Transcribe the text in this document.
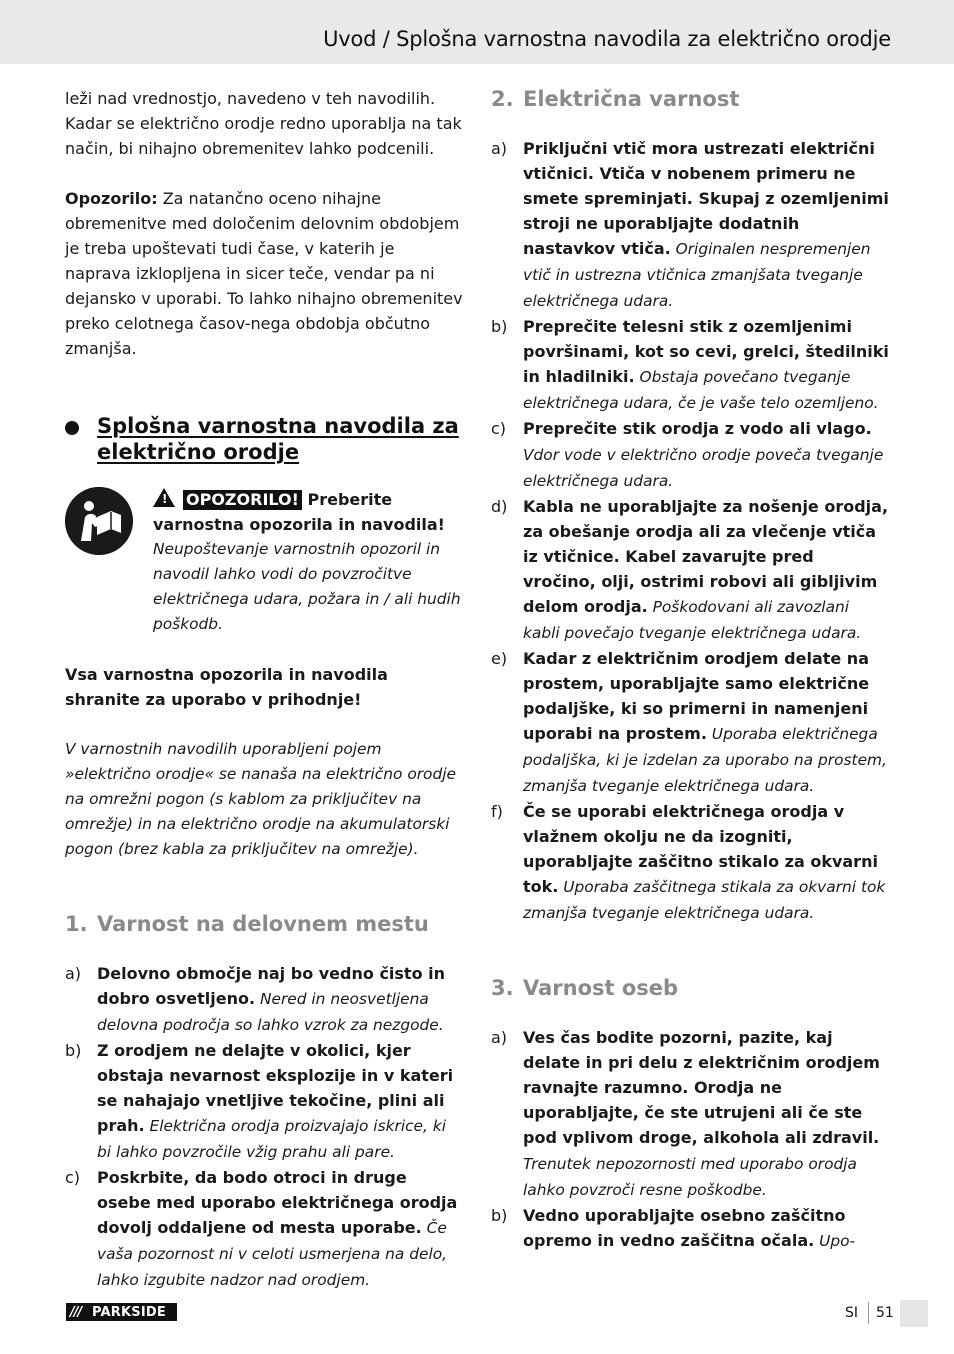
Uvod / Splošna varnostna navodila za električno orodje

leži nad vrednostjo, navedeno v teh navodilih. Kadar se električno orodje redno uporablja na tak način, bi nihajno obremenitev lahko podcenili.

Opozorilo: Za natančno oceno nihajne obremenitve med določenim delovnim obdobjem je treba upoštevati tudi čase, v katerih je naprava izklopljena in sicer teče, vendar pa ni dejansko v uporabi. To lahko nihajno obremenitev preko celotnega časov-nega obdobja občutno zmanjša.

Splošna varnostna navodila za električno orodje

! OPOZORILO! Preberite varnostna opozorila in navodila!

Neupoštevanje varnostnih opozoril in navodil lahko vodi do povzročitve električnega udara, požara in / ali hudih poškodb.

Vsa varnostna opozorila in navodila shranite za uporabo v prihodnje!

V varnostnih navodilih uporabljeni pojem »električno orodje« se nanaša na električno orodje na omrežni pogon (s kablom za priključitev na omrežje) in na električno orodje na akumulatorski pogon (brez kabla za priključitev na omrežje).

1. Varnost na delovnem mestu
a) Delovno območje naj bo vedno čisto in dobro osvetljeno. Nered in neosvetljena delovna področja so lahko vzrok za nezgode.
b) Z orodjem ne delajte v okolici, kjer obstaja nevarnost eksplozije in v kateri se nahajajo vnetljive tekočine, plini ali prah. Električna orodja proizvajajo iskrice, ki bi lahko povzročile vžig prahu ali pare.
c) Poskrbite, da bodo otroci in druge osebe med uporabo električnega orodja dovolj oddaljene od mesta uporabe. Če vaša pozornost ni v celoti usmerjena na delo, lahko izgubite nadzor nad orodjem.
2. Električna varnost
a) Priključni vtič mora ustrezati električni vtičnici. Vtiča v nobenem primeru ne smete spreminjati. Skupaj z ozemljenimi stroji ne uporabljajte dodatnih nastavkov vtiča. Originalen nespremenjen vtič in ustrezna vtičnica zmanjšata tveganje električnega udara.
b) Preprečite telesni stik z ozemljenimi površinami, kot so cevi, grelci, štedilniki in hladilniki. Obstaja povečano tveganje električnega udara, če je vaše telo ozemljeno.
c) Preprečite stik orodja z vodo ali vlago. Vdor vode v električno orodje poveča tveganje električnega udara.
d) Kabla ne uporabljajte za nošenje orodja, za obešanje orodja ali za vlečenje vtiča iz vtičnice. Kabel zavarujte pred vročino, olji, ostrimi robovi ali gibljivim delom orodja. Poškodovani ali zavozlani kabli povečajo tveganje električnega udara.
e) Kadar z električnim orodjem delate na prostem, uporabljajte samo električne podaljške, ki so primerni in namenjeni uporabi na prostem. Uporaba električnega podaljška, ki je izdelan za uporabo na prostem, zmanjša tveganje električnega udara.
f) Če se uporabi električnega orodja v vlažnem okolju ne da izogniti, uporabljajte zaščitno stikalo za okvarni tok. Uporaba zaščitnega stikala za okvarni tok zmanjša tveganje električnega udara.
3. Varnost oseb
a) Ves čas bodite pozorni, pazite, kaj delate in pri delu z električnim orodjem ravnajte razumno. Orodja ne uporabljajte, če ste utrujeni ali če ste pod vplivom droge, alkohola ali zdravil. Trenutek nepozornosti med uporabo orodja lahko povzroči resne poškodbe.
b) Vedno uporabljajte osebno zaščitno opremo in vedno zaščitna očala. Upo-
/// PARKSIDE	SI 51
